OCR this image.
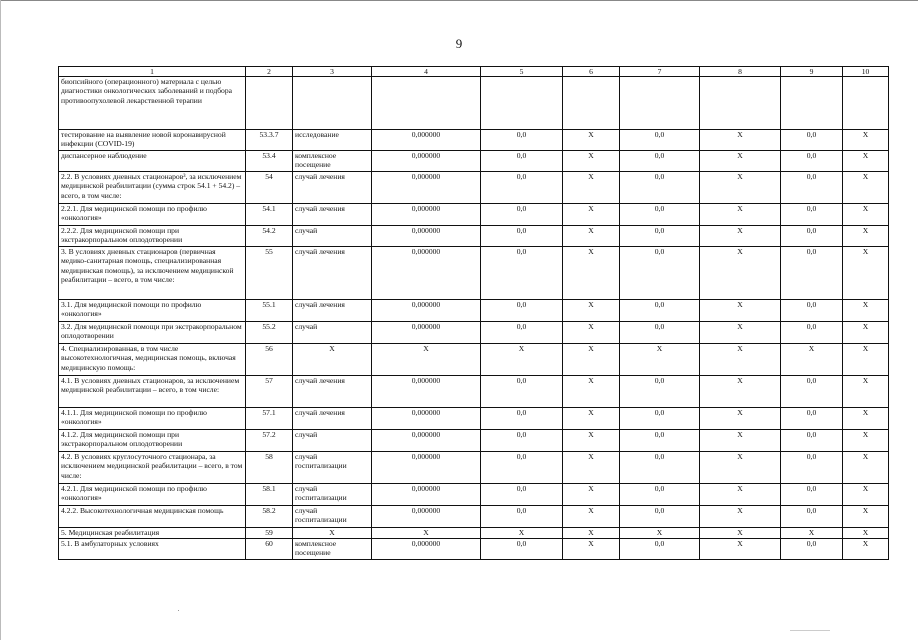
9
1	2	3	4	5	6	7	8	9	10
биопсийного (операционного) материала с целью диагностики онкологических заболеваний и подбора противоопухолевой лекарственной терапии									
тестирование на выявление новой коронавирусной инфекции (COVID-19)	53.3.7	исследование	0,000000	0,0	X	0,0	X	0,0	X
диспансерное наблюдение	53.4	комплексное посещение	0,000000	0,0	X	0,0	X	0,0	X
2.2. В условиях дневных стационаров³, за исключением медицинской реабилитации (сумма строк 54.1 + 54.2) – всего, в том числе:	54	случай лечения	0,000000	0,0	X	0,0	X	0,0	X
2.2.1. Для медицинской помощи по профилю «онкология»	54.1	случай лечения	0,000000	0,0	X	0,0	X	0,0	X
2.2.2. Для медицинской помощи при экстракорпоральном оплодотворении	54.2	случай	0,000000	0,0	X	0,0	X	0,0	X
3. В условиях дневных стационаров (первичная медико-санитарная помощь, специализированная медицинская помощь), за исключением медицинской реабилитации – всего, в том числе:	55	случай лечения	0,000000	0,0	X	0,0	X	0,0	X
3.1. Для медицинской помощи по профилю «онкология»	55.1	случай лечения	0,000000	0,0	X	0,0	X	0,0	X
3.2. Для медицинской помощи при экстракорпоральном оплодотворении	55.2	случай	0,000000	0,0	X	0,0	X	0,0	X
4. Специализированная, в том числе высокотехнологичная, медицинская помощь, включая медицинскую помощь:	56	X	X	X	X	X	X	X	X
4.1. В условиях дневных стационаров, за исключением медицинской реабилитации – всего, в том числе:	57	случай лечения	0,000000	0,0	X	0,0	X	0,0	X
4.1.1. Для медицинской помощи по профилю «онкология»	57.1	случай лечения	0,000000	0,0	X	0,0	X	0,0	X
4.1.2. Для медицинской помощи при экстракорпоральном оплодотворении	57.2	случай	0,000000	0,0	X	0,0	X	0,0	X
4.2. В условиях круглосуточного стационара, за исключением медицинской реабилитации – всего, в том числе:	58	случай госпитализации	0,000000	0,0	X	0,0	X	0,0	X
4.2.1. Для медицинской помощи по профилю «онкология»	58.1	случай госпитализации	0,000000	0,0	X	0,0	X	0,0	X
4.2.2. Высокотехнологичная медицинская помощь	58.2	случай госпитализации	0,000000	0,0	X	0,0	X	0,0	X
5. Медицинская реабилитация	59	X	X	X	X	X	X	X	X
5.1. В амбулаторных условиях	60	комплексное посещение	0,000000	0,0	X	0,0	X	0,0	X
